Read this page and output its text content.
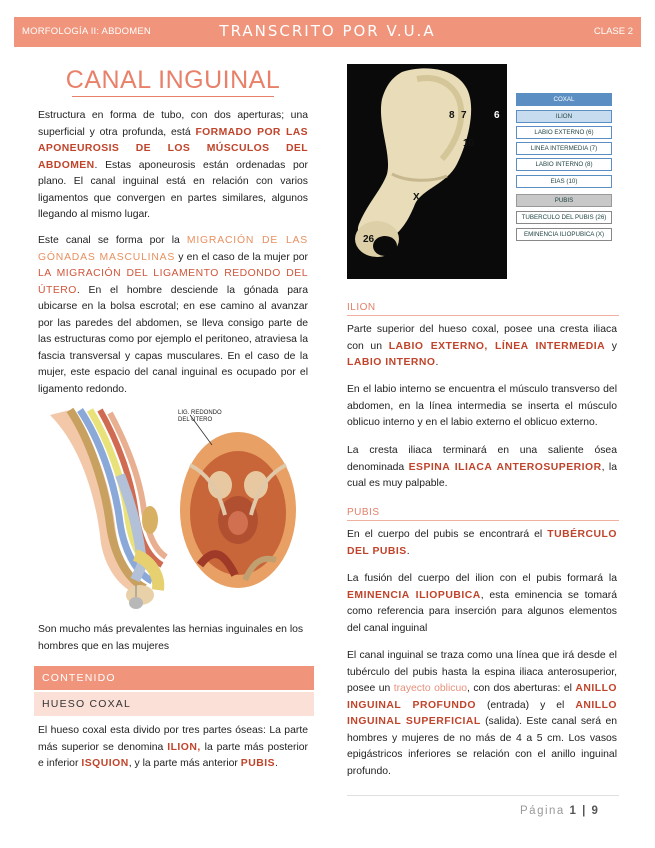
MORFOLOGÍA II: ABDOMEN	TRANSCRITO POR V.U.A	CLASE 2
CANAL INGUINAL

Estructura en forma de tubo, con dos aperturas; una superficial y otra profunda, está FORMADO POR LAS APONEUROSIS DE LOS MÚSCULOS DEL ABDOMEN. Estas aponeurosis están ordenadas por plano. El canal inguinal está en relación con varios ligamentos que convergen en partes similares, algunos llegando al mismo lugar.

Este canal se forma por la MIGRACIÓN DE LAS GÓNADAS MASCULINAS y en el caso de la mujer por LA MIGRACIÓN DEL LIGAMENTO REDONDO DEL ÚTERO. En el hombre desciende la gónada para ubicarse en la bolsa escrotal; en ese camino al avanzar por las paredes del abdomen, se lleva consigo parte de las estructuras como por ejemplo el peritoneo, atraviesa la fascia transversal y capas musculares. En el caso de la mujer, este espacio del canal inguinal es ocupado por el ligamento redondo.

LIG. REDONDO DEL ÚTERO

Son mucho más prevalentes las hernias inguinales en los hombres que en las mujeres

CONTENIDO
HUESO COXAL

El hueso coxal esta divido por tres partes óseas: La parte más superior se denomina ILION, la parte más posterior e inferior ISQUION, y la parte más anterior PUBIS.

8 7	6
10
X
26
COXAL
ILION
LABIO EXTERNO (6)
LINEA INTERMEDIA (7)
LABIO INTERNO (8)
EIAS (10)
PUBIS
TUBERCULO DEL PUBIS (26)
EMINENCIA ILIOPUBICA (X)
ILION

Parte superior del hueso coxal, posee una cresta iliaca con un LABIO EXTERNO, LÍNEA INTERMEDIA y LABIO INTERNO.

En el labio interno se encuentra el músculo transverso del abdomen, en la línea intermedia se inserta el músculo oblicuo interno y en el labio externo el oblicuo externo.

La cresta iliaca terminará en una saliente ósea denominada ESPINA ILIACA ANTEROSUPERIOR, la cual es muy palpable.

PUBIS

En el cuerpo del pubis se encontrará el TUBÉRCULO DEL PUBIS.

La fusión del cuerpo del ilion con el pubis formará la EMINENCIA ILIOPUBICA, esta eminencia se tomará como referencia para inserción para algunos elementos del canal inguinal

El canal inguinal se traza como una línea que irá desde el tubérculo del pubis hasta la espina iliaca anterosuperior, posee un trayecto oblicuo, con dos aberturas: el ANILLO INGUINAL PROFUNDO (entrada) y el ANILLO INGUINAL SUPERFICIAL (salida). Este canal será en hombres y mujeres de no más de 4 a 5 cm. Los vasos epigástricos inferiores se relación con el anillo inguinal profundo.

Página 1 | 9
